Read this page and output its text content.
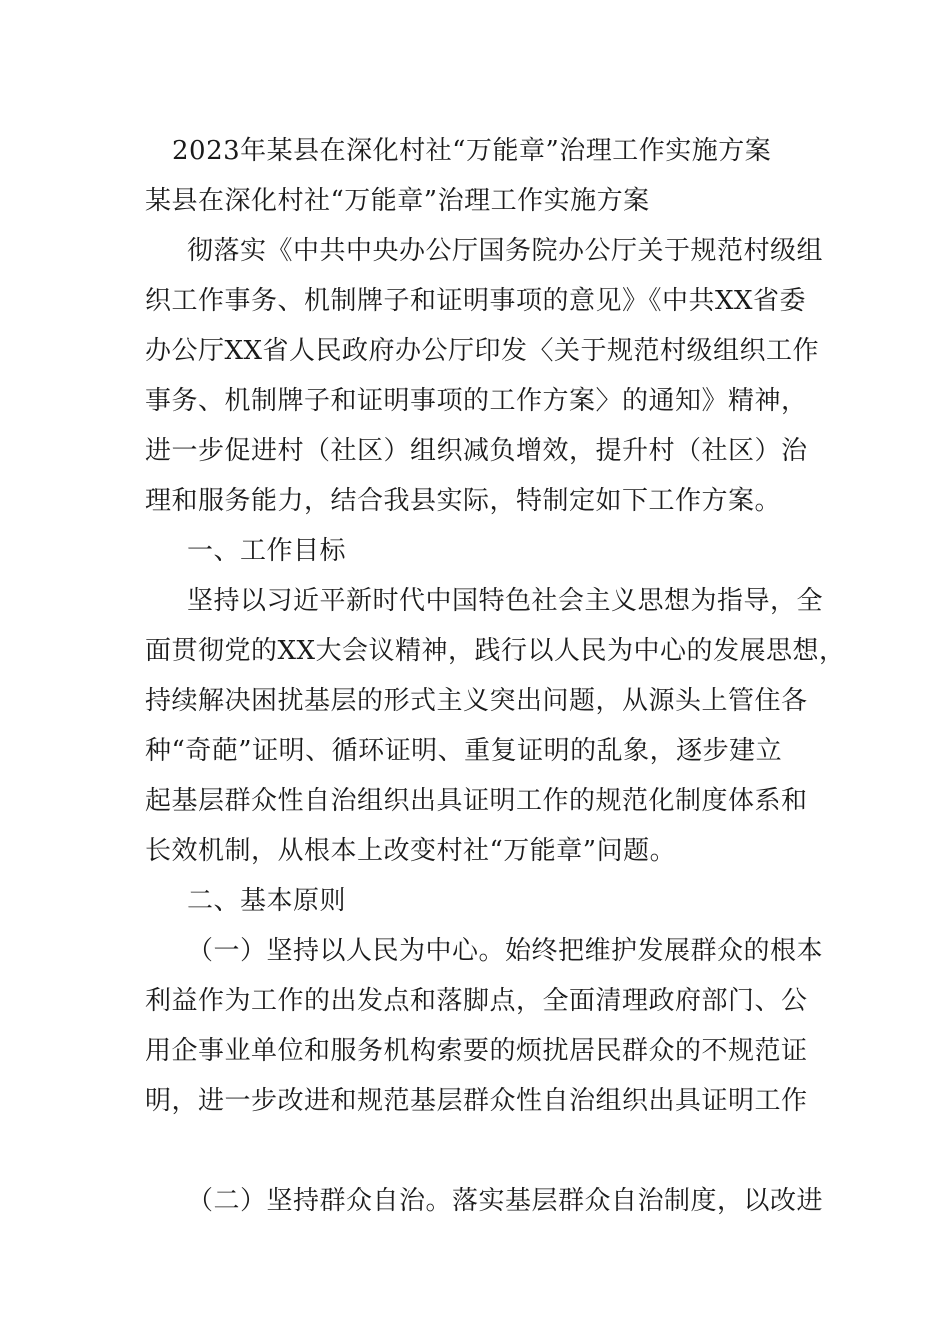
2023年某县在深化村社“万能章”治理工作实施方案
某县在深化村社“万能章”治理工作实施方案
彻落实《中共中央办公厅国务院办公厅关于规范村级组
织工作事务、机制牌子和证明事项的意见》《中共XX省委
办公厅XX省人民政府办公厅印发〈关于规范村级组织工作
事务、机制牌子和证明事项的工作方案〉的通知》精神，
进一步促进村（社区）组织减负增效，提升村（社区）治
理和服务能力，结合我县实际，特制定如下工作方案。
一、工作目标
坚持以习近平新时代中国特色社会主义思想为指导，全
面贯彻党的XX大会议精神，践行以人民为中心的发展思想，
持续解决困扰基层的形式主义突出问题，从源头上管住各
种“奇葩”证明、循环证明、重复证明的乱象，逐步建立
起基层群众性自治组织出具证明工作的规范化制度体系和
长效机制，从根本上改变村社“万能章”问题。
二、基本原则
（一）坚持以人民为中心。始终把维护发展群众的根本
利益作为工作的出发点和落脚点，全面清理政府部门、公
用企事业单位和服务机构索要的烦扰居民群众的不规范证
明，进一步改进和规范基层群众性自治组织出具证明工作
（二）坚持群众自治。落实基层群众自治制度，以改进
